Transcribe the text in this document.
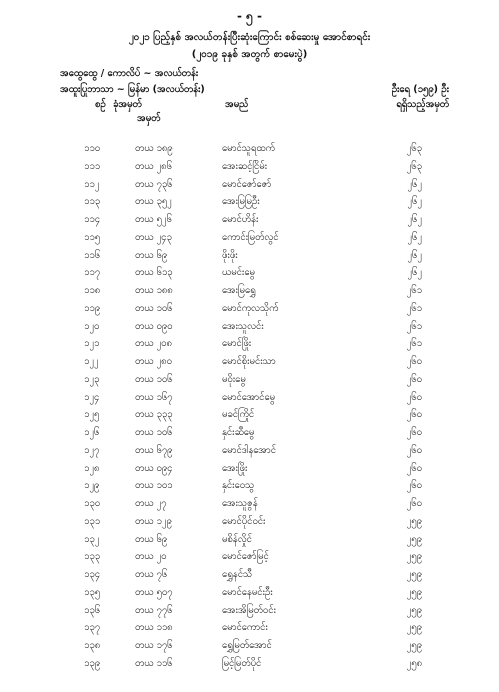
- ၅ -
၂၀၂၁ ပြည့်နှစ် အလယ်တန်းပြီးဆုံးကြောင်း စစ်ဆေးမှု အောင်စာရင်း
(၂၀၁၉ ခုနှစ် အတွက် စာမေးပွဲ)
အထွေထွေ / ကောလိပ် ~ အလယ်တန်း
အထူးပြုဘာသာ ~ မြန်မာ (အလယ်တန်း)	ဦးရေ (၁၅၉) ဦး
ရရှိသည့်အမှတ်
စဉ် ခုံအမှတ်
အမှတ်
အမည်
၁၁၀	တယ ၁၈၉	မောင်သူရထက်	၂၆၃
၁၁၁	တယ ၂၈၆	အေးဆင့်ငြိမ်း	၂၆၃
၁၁၂	တယ ၇၃၆	မောင်ဇော်ဇော်	၂၆၂
၁၁၃	တယ ၃၅၂	အေးမြမြဦး	၂၆၂
၁၁၄	တယ ၅၂၆	မောင်ဟိန်း	၂၆၂
၁၁၅	တယ ၂၄၃	ကောင်းမြတ်လွင်	၂၆၂
၁၁၆	တယ ၆၉	ဖိုးဖိုး	၂၆၂
၁၁၇	တယ ၆၁၃	ယမင်းမွေ	၂၆၂
၁၁၈	တယ ၁၈၈	အေးမြရွှေ	၂၆၁
၁၁၉	တယ ၁၀၆	မောင်ကုလသိုက်	၂၆၁
၁၂၀	တယ ၀၉၀	အေးသူလင်း	၂၆၁
၁၂၁	တယ ၂၀၈	မောင်ဖြိုး	၂၆၁
၁၂၂	တယ ၂၈၀	မောင်စိုးမင်းသာ	၂၆၀
၁၂၃	တယ ၁၀၆	မဝိုးမွေ	၂၆၀
၁၂၄	တယ ၁၆၇	မောင်အောင်မွေ	၂၆၀
၁၂၅	တယ ၃၃၃	မခင်ကြိုင်	၂၆၀
၁၂၆	တယ ၁၀၆	နှင်းဆီမွေ	၂၆၀
၁၂၇	တယ ၆၇၉	မောင်ဒါနအောင်	၂၆၀
၁၂၈	တယ ၀၉၄	အေးဖြိုး	၂၆၀
၁၂၉	တယ ၁၀၁	နှင်းဝေသွ	၂၆၀
၁၃၀	တယ ၂၇	အေးသူဇွန်	၂၆၀
၁၃၁	တယ ၁၂၉	မောင်ပိုင်ဝင်း	၂၅၉
၁၃၂	တယ ၆၉	မစိန်လှိုင်	၂၅၉
၁၃၃	တယ ၂၀	မောင်ဇော်မြင့်	၂၅၉
၁၃၄	တယ ၇၆	ရွှေနင်သီ	၂၅၉
၁၃၅	တယ ၅၀၇	မောင်နေမင်းဦး	၂၅၉
၁၃၆	တယ ၇၇၆	အေးအိမြတ်ဝင်း	၂၅၉
၁၃၇	တယ ၁၁၈	မောင်ကောင်း	၂၅၉
၁၃၈	တယ ၁၇၆	ရွှေမြတ်အောင်	၂၅၉
၁၃၉	တယ ၁၁၆	မြင့်မြတ်ပိုင်	၂၅၈
